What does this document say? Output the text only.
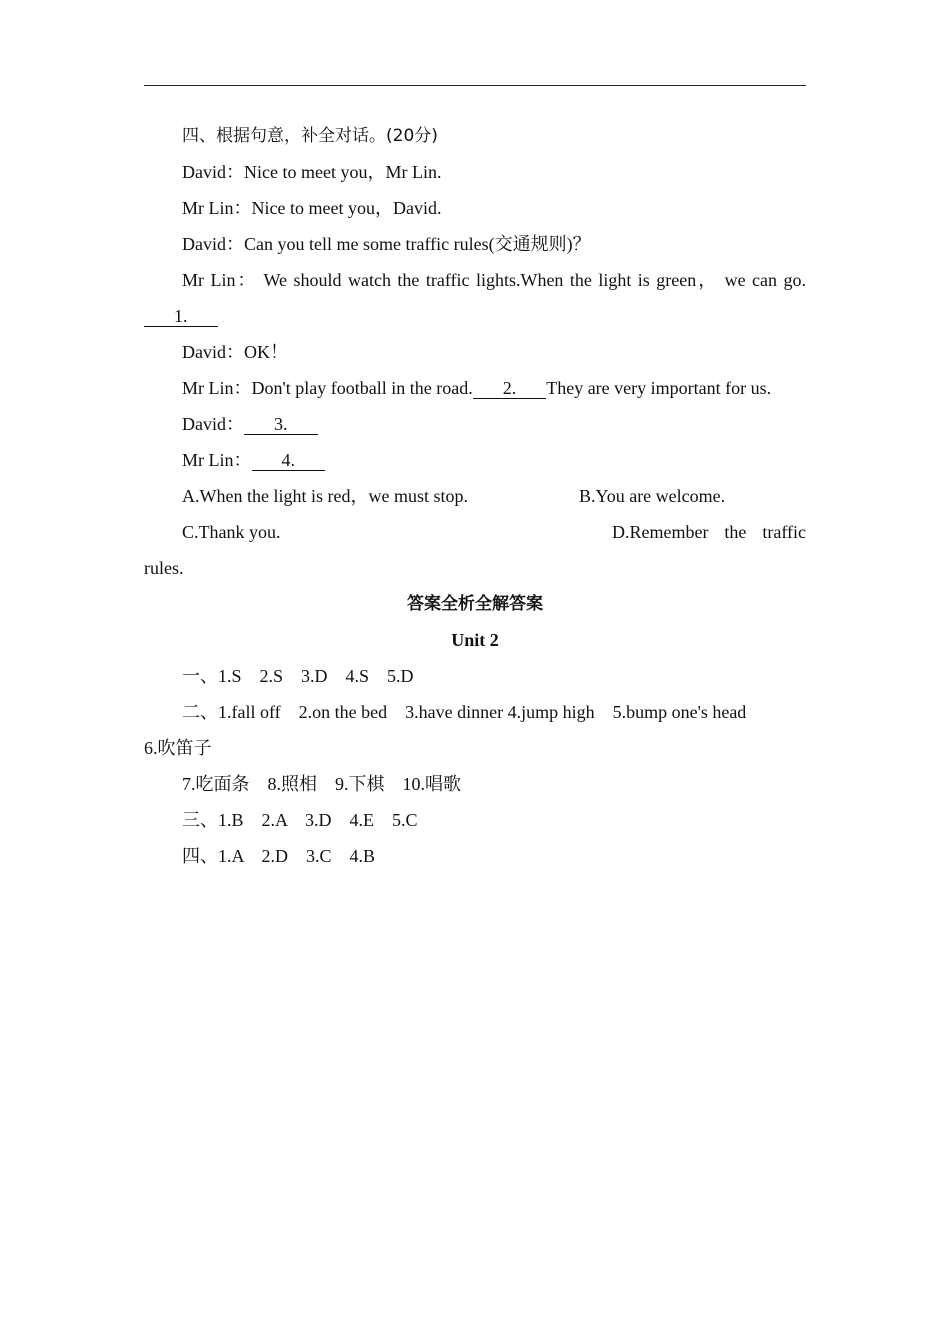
四、根据句意，补全对话。(20分)

David：Nice to meet you，Mr Lin.

Mr Lin：Nice to meet you，David.

David：Can you tell me some traffic rules(交通规则)？

Mr Lin： We should watch the traffic lights.When the light is green， we can go.1.

David：OK！

Mr Lin：Don't play football in the road. 2. They are very important for us.

David： 3.

Mr Lin： 4.

A.When the light is red，we must stop.	B.You are welcome.
C.Thank you.	D.Remember the traffic

rules.

答案全析全解答案

Unit 2

一、1.S　2.S　3.D　4.S　5.D

二、1.fall off　2.on the bed　3.have dinner 4.jump high　5.bump one's head

6.吹笛子

7.吃面条　8.照相　9.下棋　10.唱歌

三、1.B　2.A　3.D　4.E　5.C

四、1.A　2.D　3.C　4.B
